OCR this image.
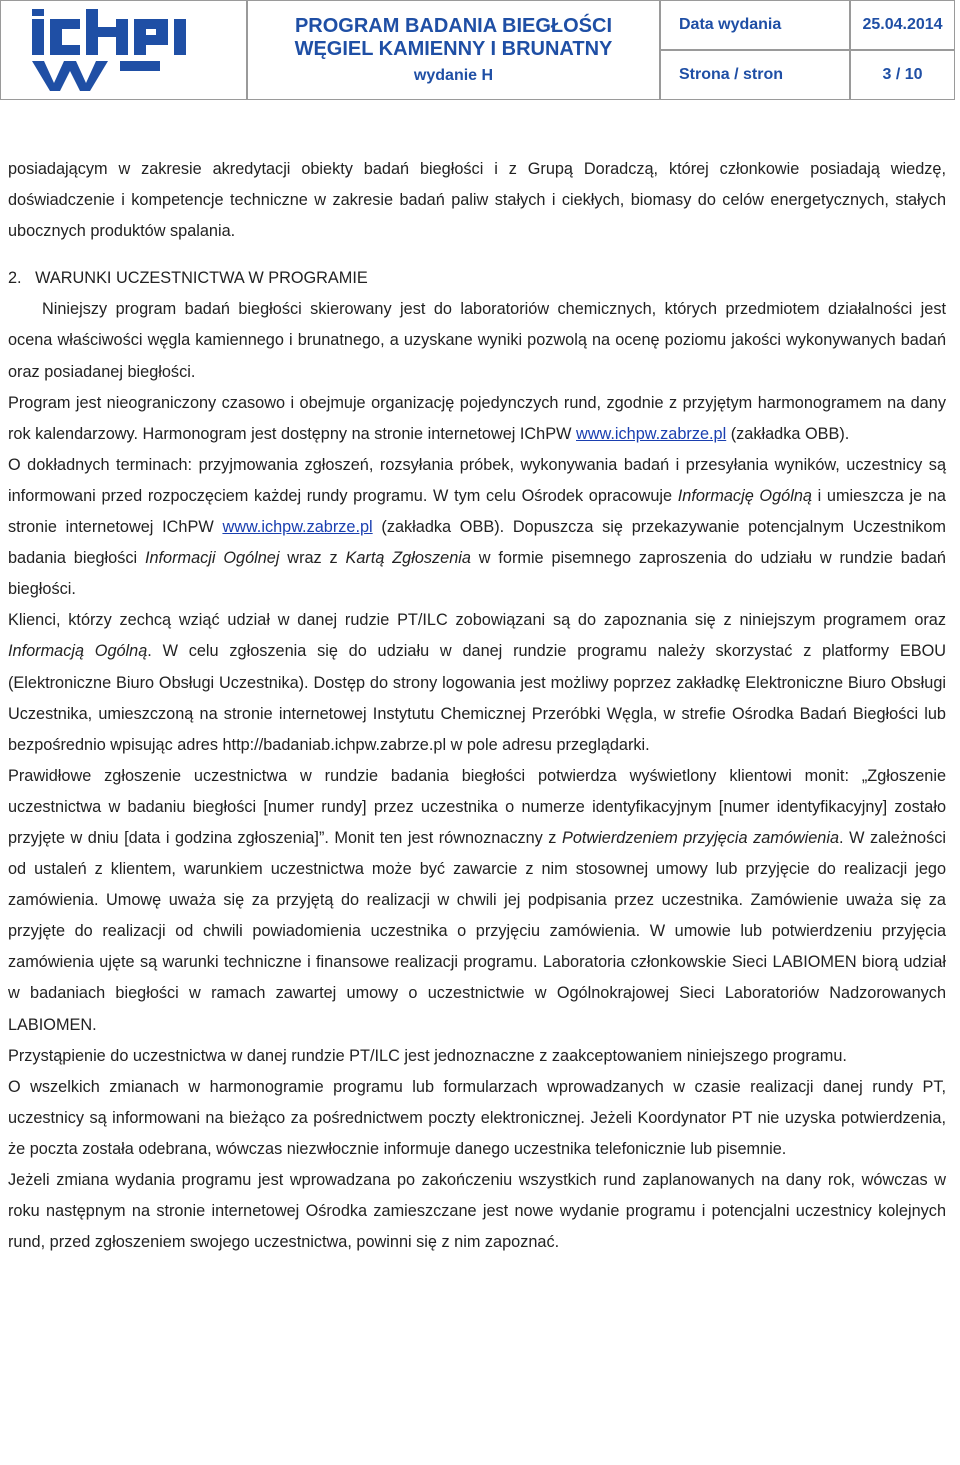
PROGRAM BADANIA BIEGŁOŚCI
WĘGIEL KAMIENNY I BRUNATNY
wydanie H
Data wydania	25.04.2014
Strona / stron	3 / 10

posiadającym w zakresie akredytacji obiekty badań biegłości i z Grupą Doradczą, której członkowie posiadają wiedzę, doświadczenie i kompetencje techniczne w zakresie badań paliw stałych i ciekłych, biomasy do celów energetycznych, stałych ubocznych produktów spalania.

2. WARUNKI UCZESTNICTWA W PROGRAMIE

Niniejszy program badań biegłości skierowany jest do laboratoriów chemicznych, których przedmiotem działalności jest ocena właściwości węgla kamiennego i brunatnego, a uzyskane wyniki pozwolą na ocenę poziomu jakości wykonywanych badań oraz posiadanej biegłości.

Program jest nieograniczony czasowo i obejmuje organizację pojedynczych rund, zgodnie z przyjętym harmonogramem na dany rok kalendarzowy. Harmonogram jest dostępny na stronie internetowej IChPW www.ichpw.zabrze.pl (zakładka OBB).

O dokładnych terminach: przyjmowania zgłoszeń, rozsyłania próbek, wykonywania badań i przesyłania wyników, uczestnicy są informowani przed rozpoczęciem każdej rundy programu. W tym celu Ośrodek opracowuje Informację Ogólną i umieszcza je na stronie internetowej IChPW www.ichpw.zabrze.pl (zakładka OBB). Dopuszcza się przekazywanie potencjalnym Uczestnikom badania biegłości Informacji Ogólnej wraz z Kartą Zgłoszenia w formie pisemnego zaproszenia do udziału w rundzie badań biegłości.

Klienci, którzy zechcą wziąć udział w danej rudzie PT/ILC zobowiązani są do zapoznania się z niniejszym programem oraz Informacją Ogólną. W celu zgłoszenia się do udziału w danej rundzie programu należy skorzystać z platformy EBOU (Elektroniczne Biuro Obsługi Uczestnika). Dostęp do strony logowania jest możliwy poprzez zakładkę Elektroniczne Biuro Obsługi Uczestnika, umieszczoną na stronie internetowej Instytutu Chemicznej Przeróbki Węgla, w strefie Ośrodka Badań Biegłości lub bezpośrednio wpisując adres http://badaniab.ichpw.zabrze.pl w pole adresu przeglądarki.

Prawidłowe zgłoszenie uczestnictwa w rundzie badania biegłości potwierdza wyświetlony klientowi monit: „Zgłoszenie uczestnictwa w badaniu biegłości [numer rundy] przez uczestnika o numerze identyfikacyjnym [numer identyfikacyjny] zostało przyjęte w dniu [data i godzina zgłoszenia]”. Monit ten jest równoznaczny z Potwierdzeniem przyjęcia zamówienia. W zależności od ustaleń z klientem, warunkiem uczestnictwa może być zawarcie z nim stosownej umowy lub przyjęcie do realizacji jego zamówienia. Umowę uważa się za przyjętą do realizacji w chwili jej podpisania przez uczestnika. Zamówienie uważa się za przyjęte do realizacji od chwili powiadomienia uczestnika o przyjęciu zamówienia. W umowie lub potwierdzeniu przyjęcia zamówienia ujęte są warunki techniczne i finansowe realizacji programu. Laboratoria członkowskie Sieci LABIOMEN biorą udział w badaniach biegłości w ramach zawartej umowy o uczestnictwie w Ogólnokrajowej Sieci Laboratoriów Nadzorowanych LABIOMEN.

Przystąpienie do uczestnictwa w danej rundzie PT/ILC jest jednoznaczne z zaakceptowaniem niniejszego programu.

O wszelkich zmianach w harmonogramie programu lub formularzach wprowadzanych w czasie realizacji danej rundy PT, uczestnicy są informowani na bieżąco za pośrednictwem poczty elektronicznej. Jeżeli Koordynator PT nie uzyska potwierdzenia, że poczta została odebrana, wówczas niezwłocznie informuje danego uczestnika telefonicznie lub pisemnie.

Jeżeli zmiana wydania programu jest wprowadzana po zakończeniu wszystkich rund zaplanowanych na dany rok, wówczas w roku następnym na stronie internetowej Ośrodka zamieszczane jest nowe wydanie programu i potencjalni uczestnicy kolejnych rund, przed zgłoszeniem swojego uczestnictwa, powinni się z nim zapoznać.
